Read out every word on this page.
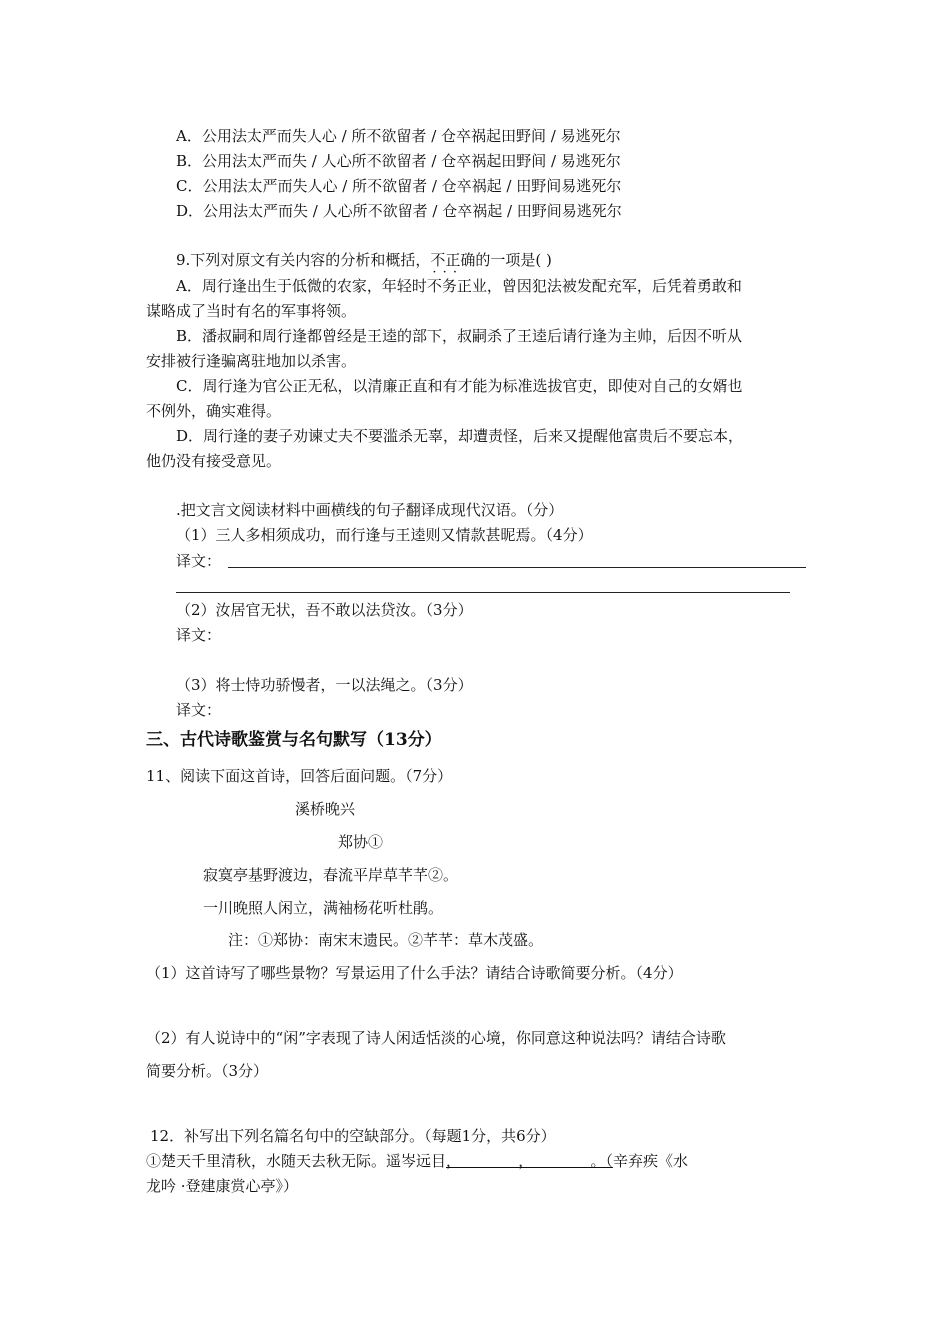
A．公用法太严而失人心 / 所不欲留者 / 仓卒祸起田野间 / 易逃死尔
B．公用法太严而失 / 人心所不欲留者 / 仓卒祸起田野间 / 易逃死尔
C．公用法太严而失人心 / 所不欲留者 / 仓卒祸起 / 田野间易逃死尔
D．公用法太严而失 / 人心所不欲留者 / 仓卒祸起 / 田野间易逃死尔
9.下列对原文有关内容的分析和概括，不正确 · · ·的一项是( )
A．周行逢出生于低微的农家，年轻时不务正业，曾因犯法被发配充军，后凭着勇敢和
谋略成了当时有名的军事将领。
B．潘叔嗣和周行逢都曾经是王逵的部下，叔嗣杀了王逵后请行逢为主帅，后因不听从
安排被行逢骗离驻地加以杀害。
C．周行逢为官公正无私，以清廉正直和有才能为标准选拔官吏，即使对自己的女婿也
不例外，确实难得。
D．周行逢的妻子劝谏丈夫不要滥杀无辜，却遭责怪，后来又提醒他富贵后不要忘本，
他仍没有接受意见。
.把文言文阅读材料中画横线的句子翻译成现代汉语。（分）
（1）三人多相须成功，而行逢与王逵则又情款甚昵焉。（4分）
译文：
（2）汝居官无状，吾不敢以法贷汝。（3分）
译文：
（3）将士恃功骄慢者，一以法绳之。（3分）
译文：
三、古代诗歌鉴赏与名句默写（13分）
11、阅读下面这首诗，回答后面问题。（7分）
溪桥晚兴
郑协①
寂寞亭基野渡边，春流平岸草芊芊②。
一川晚照人闲立，满袖杨花听杜鹃。
注：①郑协：南宋末遗民。②芊芊：草木茂盛。
（1）这首诗写了哪些景物？写景运用了什么手法？请结合诗歌简要分析。（4分）
（2）有人说诗中的“闲”字表现了诗人闲适恬淡的心境，你同意这种说法吗？请结合诗歌
简要分析。（3分）
12．补写出下列名篇名句中的空缺部分。（每题1分，共6分）
①楚天千里清秋，水随天去秋无际。遥岑远目，            ，            。（辛弃疾《水
龙吟 ·登建康赏心亭》）
